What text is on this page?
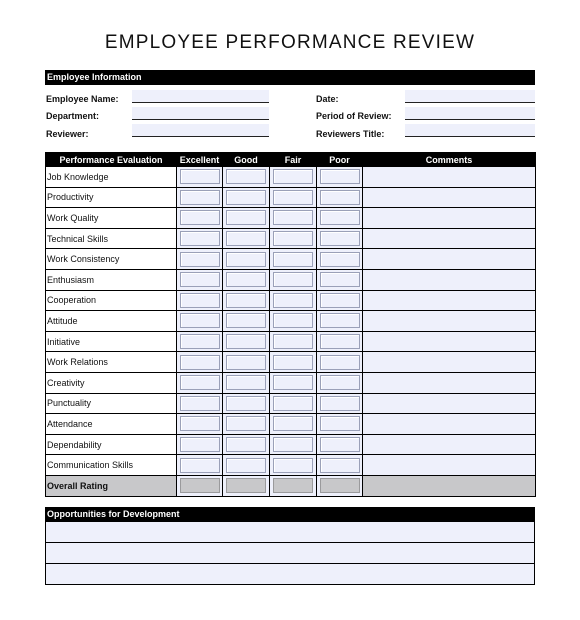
EMPLOYEE PERFORMANCE REVIEW
Employee Information
Employee Name:
Department:
Reviewer:
Date:
Period of Review:
Reviewers Title:
Performance Evaluation	Excellent	Good	Fair	Poor	Comments
Job Knowledge					
Productivity					
Work Quality					
Technical Skills					
Work Consistency					
Enthusiasm					
Cooperation					
Attitude					
Initiative					
Work Relations					
Creativity					
Punctuality					
Attendance					
Dependability					
Communication Skills					
Overall Rating					
Opportunities for Development
